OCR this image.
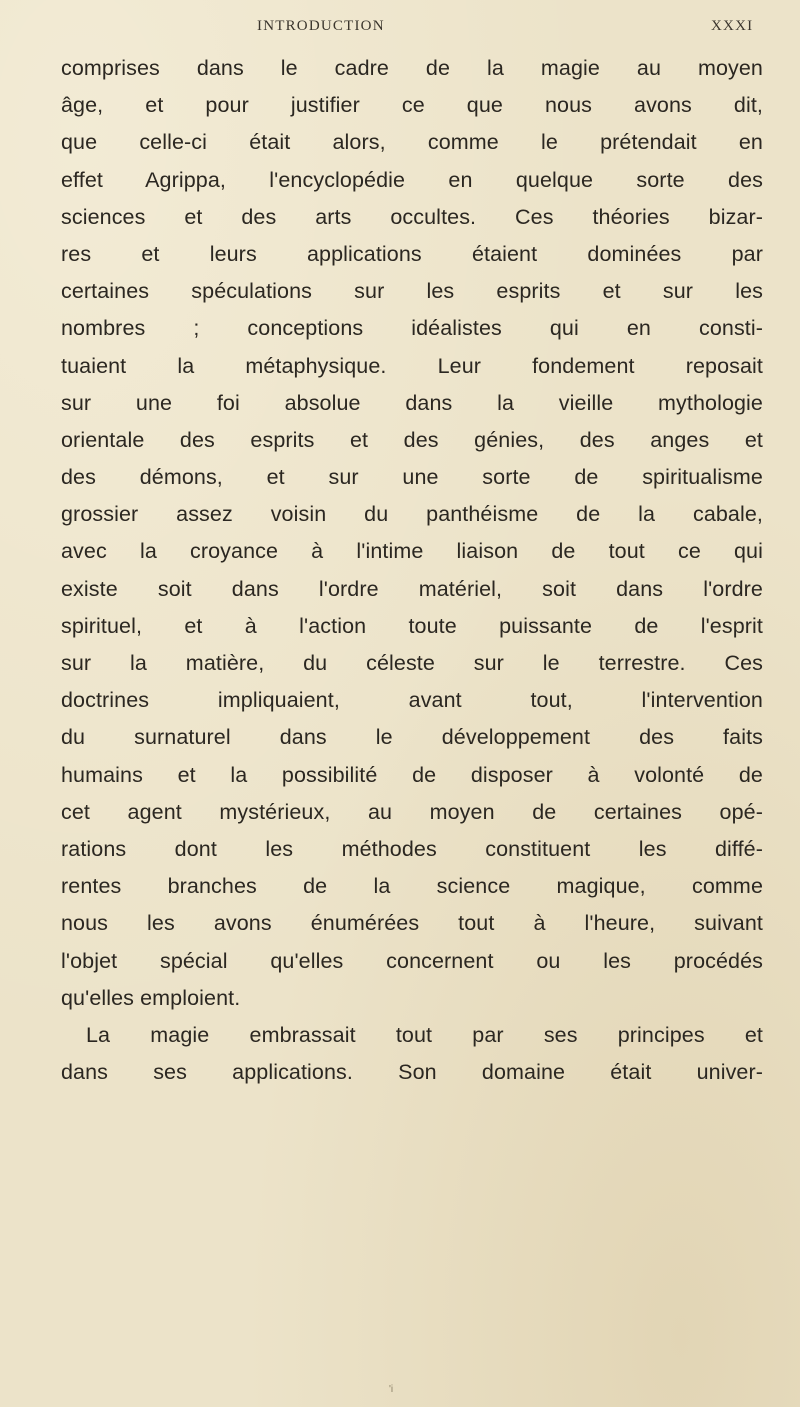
INTRODUCTION	XXXI
comprises dans le cadre de la magie au moyen
âge, et pour justifier ce que nous avons dit,
que celle-ci était alors, comme le prétendait en
effet Agrippa, l'encyclopédie en quelque sorte des
sciences et des arts occultes. Ces théories bizar-
res et leurs applications étaient dominées par
certaines spéculations sur les esprits et sur les
nombres ; conceptions idéalistes qui en consti-
tuaient la métaphysique. Leur fondement reposait
sur une foi absolue dans la vieille mythologie
orientale des esprits et des génies, des anges et
des démons, et sur une sorte de spiritualisme
grossier assez voisin du panthéisme de la cabale,
avec la croyance à l'intime liaison de tout ce qui
existe soit dans l'ordre matériel, soit dans l'ordre
spirituel, et à l'action toute puissante de l'esprit
sur la matière, du céleste sur le terrestre. Ces
doctrines impliquaient, avant tout, l'intervention
du surnaturel dans le développement des faits
humains et la possibilité de disposer à volonté de
cet agent mystérieux, au moyen de certaines opé-
rations dont les méthodes constituent les diffé-
rentes branches de la science magique, comme
nous les avons énumérées tout à l'heure, suivant
l'objet spécial qu'elles concernent ou les procédés
qu'elles emploient.
La magie embrassait tout par ses principes et
dans ses applications. Son domaine était univer-
'i
